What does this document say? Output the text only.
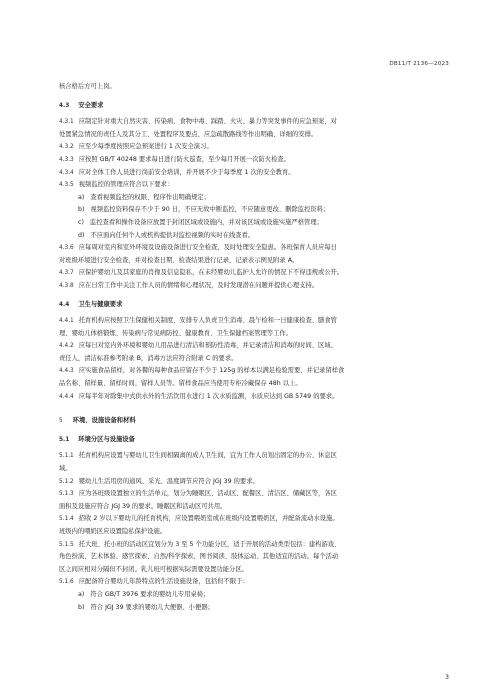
DB11/T 2136—2023
核合格后方可上岗。
4.3 安全要求
4.3.1 应制定针对重大自然灾害、传染病、食物中毒、踩踏、火灾、暴力等突发事件的应急预案，对
处置紧急情况的责任人及其分工、处置程序及要点、应急疏散路线等作出明确、详细的安排。
4.3.2 应至少每季度按照应急预案进行 1 次安全演习。
4.3.3 应按照 GB/T 40248 要求每日进行防火巡查，至少每月开展一次防火检查。
4.3.4 应对全体工作人员进行岗前安全培训，并开展不少于每季度 1 次的安全教育。
4.3.5 视频监控的管理应符合以下要求：
a) 查看视频监控的权限、程序作出明确规定；
b) 视频监控资料保存不少于 90 日，不应无故中断监控，不应随意更改、删除监控资料；
c) 监控查看和操作设备应放置于封闭区域或设施内，并对该区域或设施实施严格管理；
d) 不应面向任何个人或机构提供对监控视频的实时在线查看。
4.3.6 应每周对室内和室外环境及设施设备进行安全检查，及时处理安全隐患。各班保育人员应每日
对班级环境进行安全检查，并对检查日期、检查结果进行记录，记录表示例见附录 A。
4.3.7 应保护婴幼儿及其家庭的肖像及信息隐私，在未经婴幼儿监护人允许的情况下不得违规或公开。
4.3.8 应在日常工作中关注工作人员的情绪和心理状况，及时发现潜在问题并提供心理支持。
4.4 卫生与健康要求
4.4.1 托育机构应按照卫生保健相关制度，安排专人负责卫生消毒、晨午检和一日健康检查、膳食管
理、婴幼儿体格锻炼、传染病与常见病防控、健康教育、卫生保健档案管理等工作。
4.4.2 应每日对室内外环境和婴幼儿用品进行清洁和预防性消毒，并记录清洁和消毒的时间、区域、
责任人，清洁标准参考附录 B，消毒方法应符合附录 C 的要求。
4.4.3 应实施食品留样，对各餐的每种食品应留存不少于 125g 的样本以满足检验需要，并记录留样食
品名称、留样量、留样时间、留样人员等。留样食品应当使用专柜冷藏保存 48h 以上。
4.4.4 应每半年对除集中式供水外的生活饮用水进行 1 次水质监测，水质应达到 GB 5749 的要求。
5 环境、设施设备和材料
5.1 环境分区与设施设备
5.1.1 托育机构应设置与婴幼儿卫生间相隔离的成人卫生间，宜为工作人员划出固定的办公、休息区
域。
5.1.2 婴幼儿生活用房的通风、采光、温度调节应符合 JGJ 39 的要求。
5.1.3 应为各班级设置独立的生活单元，划分为睡眠区、活动区、配餐区、清洁区、储藏区等，各区
面积及设施应符合 JGJ 39 的要求。睡眠区和活动区可共用。
5.1.4 招收 2 岁以下婴幼儿的托育机构，应设置喂奶室或在班级内设置喂奶区，并配备流动水设施。
班级内的喂奶区应设置隐私保护设施。
5.1.5 托大班、托小班的活动区宜划分为 3 至 5 个功能分区，适于开展的活动类型包括：建构游戏、
角色扮演、艺术体验、感官探索、自然/科学探索、图书阅读、肢体运动、其他适宜的活动。每个活动
区之间应相对分隔但不封闭。乳儿班可根据实际需要设置功能分区。
5.1.6 应配备符合婴幼儿年龄特点的生活设施设备，包括但不限于：
a) 符合 GB/T 3976 要求的婴幼儿专用桌椅；
b) 符合 JGJ 39 要求的婴幼儿大便器、小便器；
3
